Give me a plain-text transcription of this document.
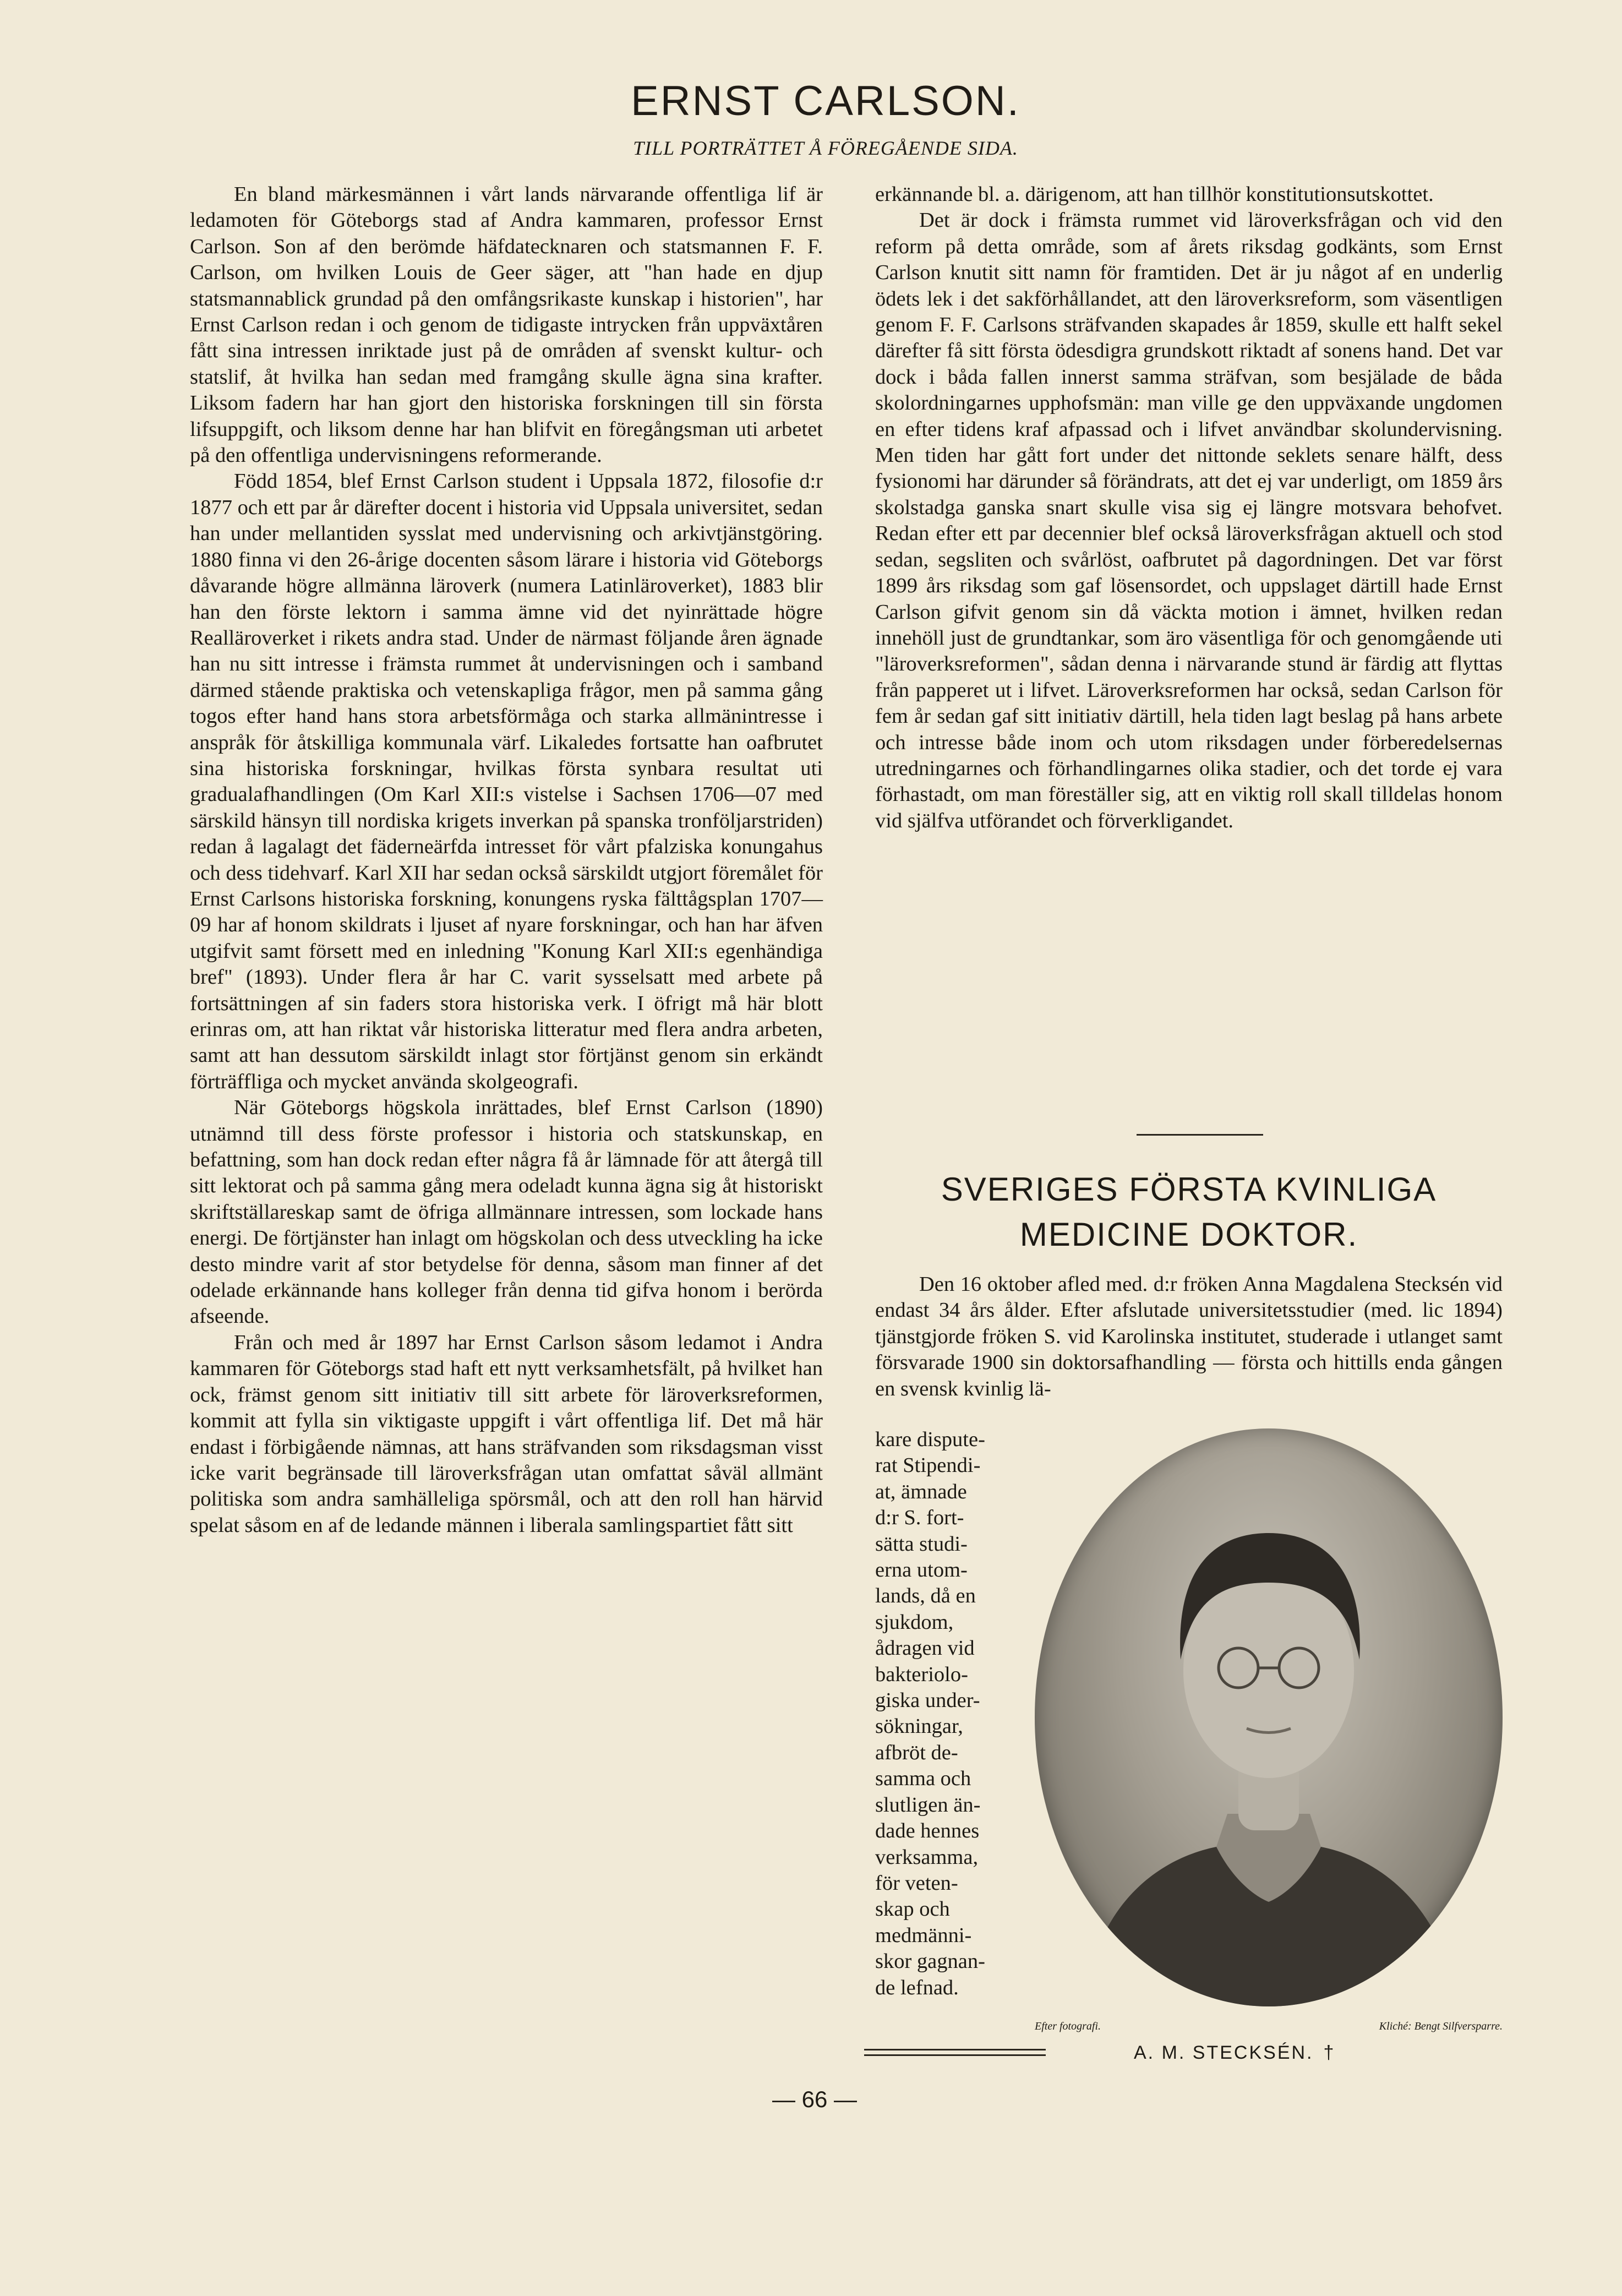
ERNST CARLSON.
TILL PORTRÄTTET Å FÖREGÅENDE SIDA.

En bland märkesmännen i vårt lands närvarande offentliga lif är ledamoten för Göteborgs stad af Andra kammaren, professor Ernst Carlson. Son af den berömde häfdatecknaren och statsmannen F. F. Carlson, om hvilken Louis de Geer säger, att "han hade en djup statsmannablick grundad på den omfångsrikaste kunskap i historien", har Ernst Carlson redan i och genom de tidigaste intrycken från uppväxtåren fått sina intressen inriktade just på de områden af svenskt kultur- och statslif, åt hvilka han sedan med framgång skulle ägna sina krafter. Liksom fadern har han gjort den historiska forskningen till sin första lifsuppgift, och liksom denne har han blifvit en föregångsman uti arbetet på den offentliga undervisningens reformerande.

Född 1854, blef Ernst Carlson student i Uppsala 1872, filosofie d:r 1877 och ett par år därefter docent i historia vid Uppsala universitet, sedan han under mellantiden sysslat med undervisning och arkivtjänstgöring. 1880 finna vi den 26-årige docenten såsom lärare i historia vid Göteborgs dåvarande högre allmänna läroverk (numera Latinläroverket), 1883 blir han den förste lektorn i samma ämne vid det nyinrättade högre Realläroverket i rikets andra stad. Under de närmast följande åren ägnade han nu sitt intresse i främsta rummet åt undervisningen och i samband därmed stående praktiska och vetenskapliga frågor, men på samma gång togos efter hand hans stora arbetsförmåga och starka allmänintresse i anspråk för åtskilliga kommunala värf. Likaledes fortsatte han oafbrutet sina historiska forskningar, hvilkas första synbara resultat uti gradualafhandlingen (Om Karl XII:s vistelse i Sachsen 1706—07 med särskild hänsyn till nordiska krigets inverkan på spanska tronföljarstriden) redan å lagalagt det fäderneärfda intresset för vårt pfalziska konungahus och dess tidehvarf. Karl XII har sedan också särskildt utgjort föremålet för Ernst Carlsons historiska forskning, konungens ryska fälttågsplan 1707—09 har af honom skildrats i ljuset af nyare forskningar, och han har äfven utgifvit samt försett med en inledning "Konung Karl XII:s egenhändiga bref" (1893). Under flera år har C. varit sysselsatt med arbete på fortsättningen af sin faders stora historiska verk. I öfrigt må här blott erinras om, att han riktat vår historiska litteratur med flera andra arbeten, samt att han dessutom särskildt inlagt stor förtjänst genom sin erkändt förträffliga och mycket använda skolgeografi.

När Göteborgs högskola inrättades, blef Ernst Carlson (1890) utnämnd till dess förste professor i historia och statskunskap, en befattning, som han dock redan efter några få år lämnade för att återgå till sitt lektorat och på samma gång mera odeladt kunna ägna sig åt historiskt skriftställareskap samt de öfriga allmännare intressen, som lockade hans energi. De förtjänster han inlagt om högskolan och dess utveckling ha icke desto mindre varit af stor betydelse för denna, såsom man finner af det odelade erkännande hans kolleger från denna tid gifva honom i berörda afseende.

Från och med år 1897 har Ernst Carlson såsom ledamot i Andra kammaren för Göteborgs stad haft ett nytt verksamhetsfält, på hvilket han ock, främst genom sitt initiativ till sitt arbete för läroverksreformen, kommit att fylla sin viktigaste uppgift i vårt offentliga lif. Det må här endast i förbigående nämnas, att hans sträfvanden som riksdagsman visst icke varit begränsade till läroverksfrågan utan omfattat såväl allmänt politiska som andra samhälleliga spörsmål, och att den roll han härvid spelat såsom en af de ledande männen i liberala samlingspartiet fått sitt

erkännande bl. a. därigenom, att han tillhör konstitutionsutskottet.

Det är dock i främsta rummet vid läroverksfrågan och vid den reform på detta område, som af årets riksdag godkänts, som Ernst Carlson knutit sitt namn för framtiden. Det är ju något af en underlig ödets lek i det sakförhållandet, att den läroverksreform, som väsentligen genom F. F. Carlsons sträfvanden skapades år 1859, skulle ett halft sekel därefter få sitt första ödesdigra grundskott riktadt af sonens hand. Det var dock i båda fallen innerst samma sträfvan, som besjälade de båda skolordningarnes upphofsmän: man ville ge den uppväxande ungdomen en efter tidens kraf afpassad och i lifvet användbar skolundervisning. Men tiden har gått fort under det nittonde seklets senare hälft, dess fysionomi har därunder så förändrats, att det ej var underligt, om 1859 års skolstadga ganska snart skulle visa sig ej längre motsvara behofvet. Redan efter ett par decennier blef också läroverksfrågan aktuell och stod sedan, segsliten och svårlöst, oafbrutet på dagordningen. Det var först 1899 års riksdag som gaf lösensordet, och uppslaget därtill hade Ernst Carlson gifvit genom sin då väckta motion i ämnet, hvilken redan innehöll just de grundtankar, som äro väsentliga för och genomgående uti "läroverksreformen", sådan denna i närvarande stund är färdig att flyttas från papperet ut i lifvet. Läroverksreformen har också, sedan Carlson för fem år sedan gaf sitt initiativ därtill, hela tiden lagt beslag på hans arbete och intresse både inom och utom riksdagen under förberedelsernas utredningarnes och förhandlingarnes olika stadier, och det torde ej vara förhastadt, om man föreställer sig, att en viktig roll skall tilldelas honom vid själfva utförandet och förverkligandet.

SVERIGES FÖRSTA KVINLIGA
MEDICINE DOKTOR.

Den 16 oktober afled med. d:r fröken Anna Magdalena Stecksén vid endast 34 års ålder. Efter afslutade universitetsstudier (med. lic 1894) tjänstgjorde fröken S. vid Karolinska institutet, studerade i utlanget samt försvarade 1900 sin doktorsafhandling — första och hittills enda gången en svensk kvinlig lä-

kare dispute-
rat Stipendi-
at, ämnade
d:r S. fort-
sätta studi-
erna utom-
lands, då en
sjukdom,
ådragen vid
bakteriolo-
giska under-
sökningar,
afbröt de-
samma och
slutligen än-
dade hennes
verksamma,
för veten-
skap och
medmänni-
skor gagnan-
de lefnad.
Efter fotografi.	Kliché: Bengt Silfversparre.
A. M. STECKSÉN. †
— 66 —
